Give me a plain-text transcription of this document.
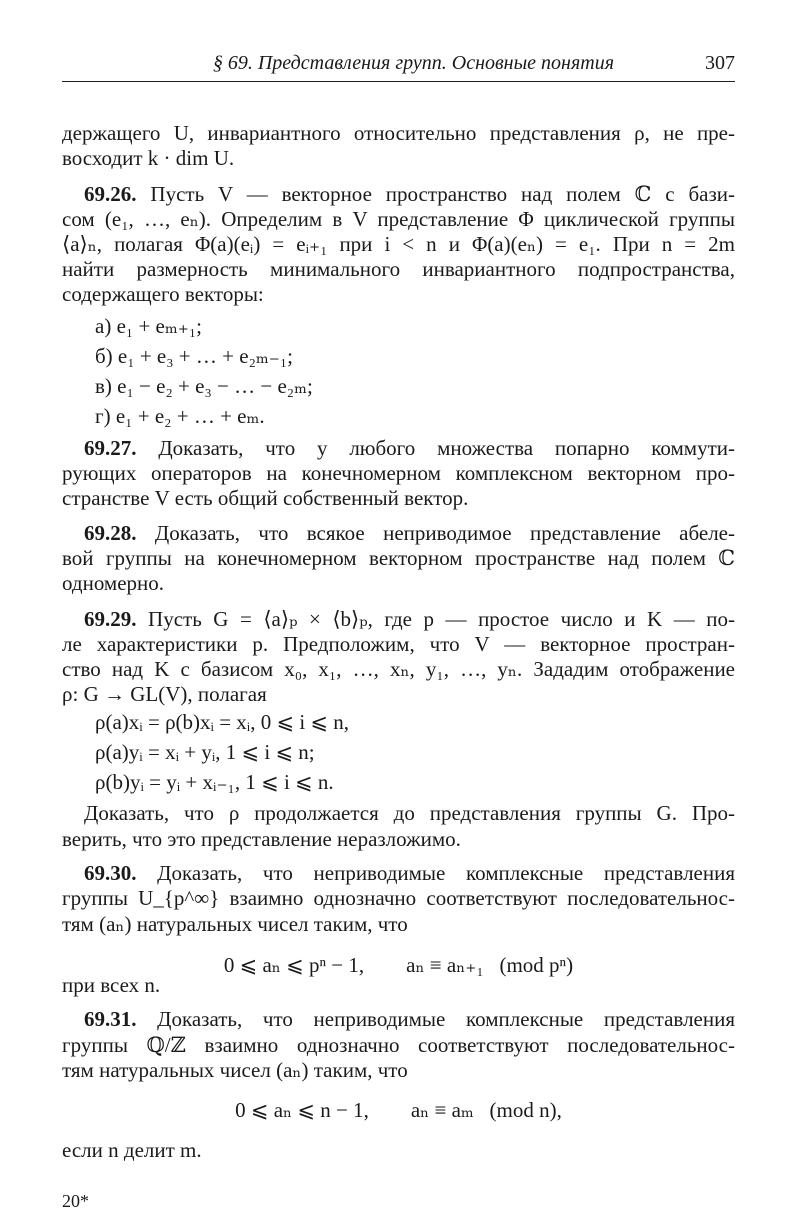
§ 69. Представления групп. Основные понятия	307
держащего U, инвариантного относительно представления ρ, не пре-
восходит k · dim U.
69.26. Пусть V — векторное пространство над полем ℂ с бази-
сом (e₁, …, eₙ). Определим в V представление Φ циклической группы
⟨a⟩ₙ, полагая Φ(a)(eᵢ) = eᵢ₊₁ при i < n и Φ(a)(eₙ) = e₁. При n = 2m
найти размерность минимального инвариантного подпространства,
содержащего векторы:
а) e₁ + eₘ₊₁;
б) e₁ + e₃ + … + e₂ₘ₋₁;
в) e₁ − e₂ + e₃ − … − e₂ₘ;
г) e₁ + e₂ + … + eₘ.
69.27. Доказать, что у любого множества попарно коммути-
рующих операторов на конечномерном комплексном векторном про-
странстве V есть общий собственный вектор.
69.28. Доказать, что всякое неприводимое представление абеле-
вой группы на конечномерном векторном пространстве над полем ℂ
одномерно.
69.29. Пусть G = ⟨a⟩ₚ × ⟨b⟩ₚ, где p — простое число и K — по-
ле характеристики p. Предположим, что V — векторное простран-
ство над K с базисом x₀, x₁, …, xₙ, y₁, …, yₙ. Зададим отображение
ρ: G → GL(V), полагая
ρ(a)xᵢ = ρ(b)xᵢ = xᵢ, 0 ⩽ i ⩽ n,
ρ(a)yᵢ = xᵢ + yᵢ, 1 ⩽ i ⩽ n;
ρ(b)yᵢ = yᵢ + xᵢ₋₁, 1 ⩽ i ⩽ n.
Доказать, что ρ продолжается до представления группы G. Про-
верить, что это представление неразложимо.
69.30. Доказать, что неприводимые комплексные представления
группы U_{p^∞} взаимно однозначно соответствуют последовательнос-
тям (aₙ) натуральных чисел таким, что
0 ⩽ aₙ ⩽ pⁿ − 1,        aₙ ≡ aₙ₊₁   (mod pⁿ)
при всех n.
69.31. Доказать, что неприводимые комплексные представления
группы ℚ/ℤ взаимно однозначно соответствуют последовательнос-
тям натуральных чисел (aₙ) таким, что
0 ⩽ aₙ ⩽ n − 1,        aₙ ≡ aₘ   (mod n),
если n делит m.
20*
